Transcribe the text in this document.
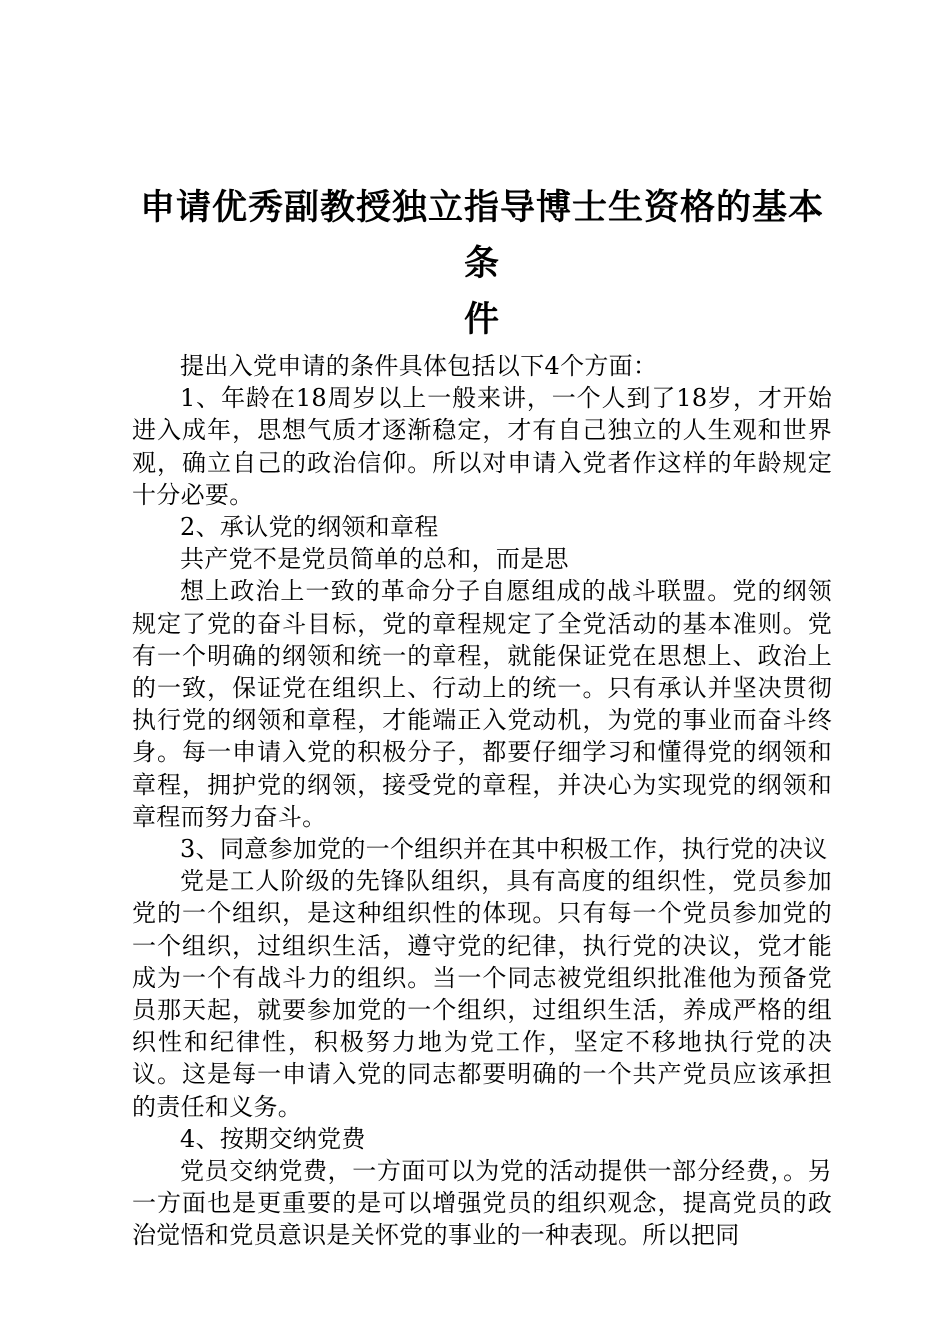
申请优秀副教授独立指导博士生资格的基本条
件

提出入党申请的条件具体包括以下4个方面：

1、年龄在18周岁以上一般来讲，一个人到了18岁，才开始进入成年，思想气质才逐渐稳定，才有自己独立的人生观和世界观，确立自己的政治信仰。所以对申请入党者作这样的年龄规定十分必要。

2、承认党的纲领和章程

共产党不是党员简单的总和，而是思

想上政治上一致的革命分子自愿组成的战斗联盟。党的纲领规定了党的奋斗目标，党的章程规定了全党活动的基本准则。党有一个明确的纲领和统一的章程，就能保证党在思想上、政治上的一致，保证党在组织上、行动上的统一。只有承认并坚决贯彻执行党的纲领和章程，才能端正入党动机，为党的事业而奋斗终身。每一申请入党的积极分子，都要仔细学习和懂得党的纲领和章程，拥护党的纲领，接受党的章程，并决心为实现党的纲领和章程而努力奋斗。

3、同意参加党的一个组织并在其中积极工作，执行党的决议

党是工人阶级的先锋队组织，具有高度的组织性，党员参加党的一个组织，是这种组织性的体现。只有每一个党员参加党的一个组织，过组织生活，遵守党的纪律，执行党的决议，党才能成为一个有战斗力的组织。当一个同志被党组织批准他为预备党员那天起，就要参加党的一个组织，过组织生活，养成严格的组织性和纪律性，积极努力地为党工作，坚定不移地执行党的决议。这是每一申请入党的同志都要明确的一个共产党员应该承担的责任和义务。

4、按期交纳党费

党员交纳党费，一方面可以为党的活动提供一部分经费，。另一方面也是更重要的是可以增强党员的组织观念，提高党员的政治觉悟和党员意识是关怀党的事业的一种表现。所以把同
